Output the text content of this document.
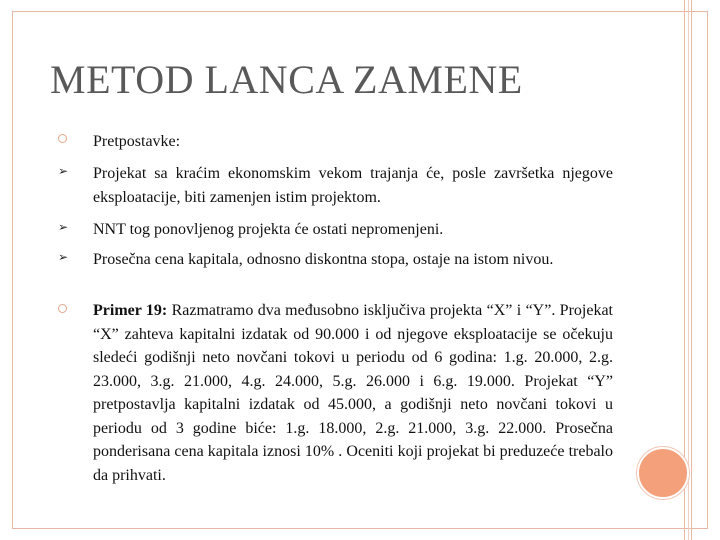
METOD LANCA ZAMENE
Pretpostavke:
➢ Projekat sa kraćim ekonomskim vekom trajanja će, posle završetka njegove eksploatacije, biti zamenjen istim projektom.
➢ NNT tog ponovljenog projekta će ostati nepromenjeni.
➢ Prosečna cena kapitala, odnosno diskontna stopa, ostaje na istom nivou.
Primer 19: Razmatramo dva međusobno isključiva projekta “X” i “Y”. Projekat “X” zahteva kapitalni izdatak od 90.000 i od njegove eksploatacije se očekuju sledeći godišnji neto novčani tokovi u periodu od 6 godina: 1.g. 20.000, 2.g. 23.000, 3.g. 21.000, 4.g. 24.000, 5.g. 26.000 i 6.g. 19.000. Projekat “Y” pretpostavlja kapitalni izdatak od 45.000, a godišnji neto novčani tokovi u periodu od 3 godine biće: 1.g. 18.000, 2.g. 21.000, 3.g. 22.000. Prosečna ponderisana cena kapitala iznosi 10% . Oceniti koji projekat bi preduzeće trebalo da prihvati.
